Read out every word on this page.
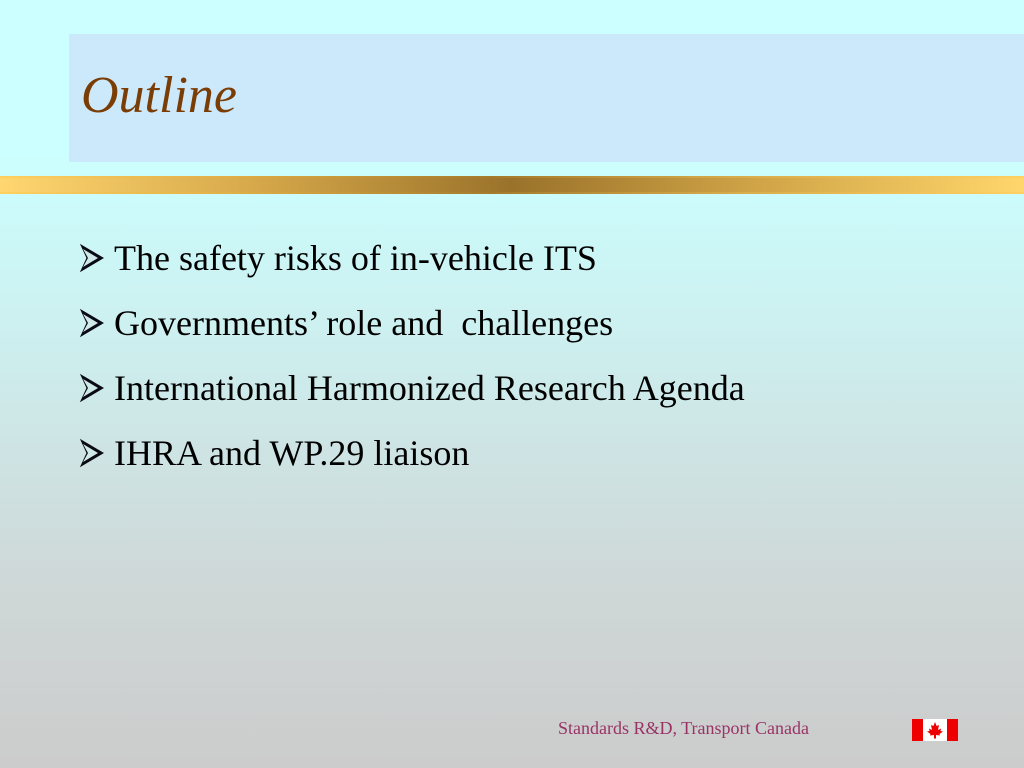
Outline
The safety risks of in-vehicle ITS
Governments’ role and  challenges
International Harmonized Research Agenda
IHRA and WP.29 liaison
Standards R&D, Transport Canada
